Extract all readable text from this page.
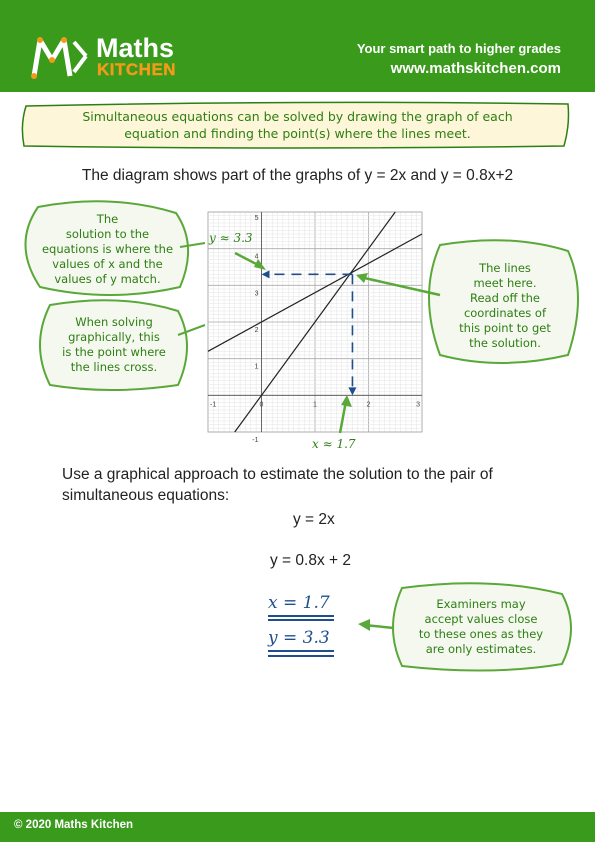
Maths
KITCHEN
Your smart path to higher grades
www.mathskitchen.com
Simultaneous equations can be solved by drawing the graph of each
equation and finding the point(s) where the lines meet.
The diagram shows part of the graphs of y = 2x and y = 0.8x+2
-1	0	1	2	3
-1
1
2
3
4
5
The
solution to the
equations is where the
values of x and the
values of y match.
When solving
graphically, this
is the point where
the lines cross.
The lines
meet here.
Read off the
coordinates of
this point to get
the solution.
y ≈ 3.3
x ≈ 1.7
Use a graphical approach to estimate the solution to the pair of simultaneous equations:
y = 2x
y = 0.8x + 2
x = 1.7
y = 3.3
Examiners may
accept values close
to these ones as they
are only estimates.
© 2020 Maths Kitchen
